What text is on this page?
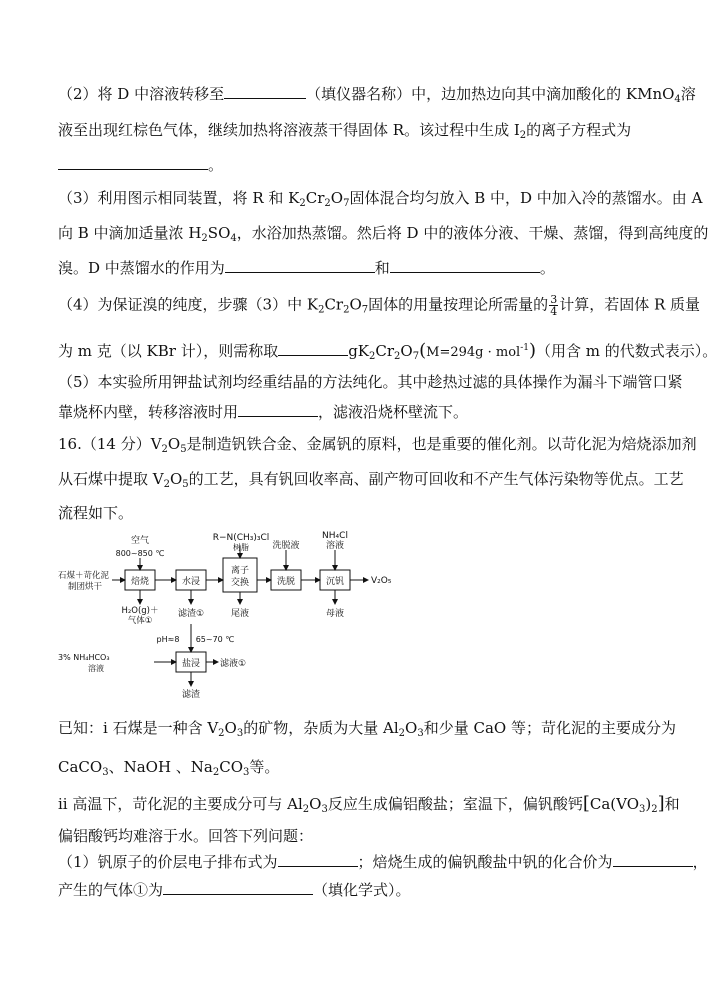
（2）将 D 中溶液转移至	（填仪器名称）中，边加热边向其中滴加酸化的 KMnO$_4$溶
液至出现红棕色气体，继续加热将溶液蒸干得固体 R。该过程中生成 $I_2$的离子方程式为
。
（3）利用图示相同装置，将 R 和 $K_2Cr_2O_7$固体混合均匀放入 B 中，D 中加入冷的蒸馏水。由 A
向 B 中滴加适量浓 $H_2SO_4$，水浴加热蒸馏。然后将 D 中的液体分液、干燥、蒸馏，得到高纯度的
溴。D 中蒸馏水的作用为	和	。
（4）为保证溴的纯度，步骤（3）中 $K_2Cr_2O_7$固体的用量按理论所需量的 $\frac{3}{4}$ 计算，若固体 R 质量
为 m 克（以 KBr 计），则需称取	$gK_2Cr_2O_7(M=294g \cdot mol^{-1})$（用含 m 的代数式表示）。
（5）本实验所用钾盐试剂均经重结晶的方法纯化。其中趁热过滤的具体操作为漏斗下端管口紧
靠烧杯内壁，转移溶液时用	，滤液沿烧杯壁流下。
16.（14 分）$V_2O_5$是制造钒铁合金、金属钒的原料，也是重要的催化剂。以苛化泥为焙烧添加剂
从石煤中提取 $V_2O_5$的工艺，具有钒回收率高、副产物可回收和不产生气体污染物等优点。工艺
流程如下。
R−N(CH₃)₃Cl
树脂	洗脱液
NH₄Cl
溶液
空气
800~850 ℃
石煤＋苛化泥
制团烘干	焙烧	水浸
离子
交换	洗脱	沉钒	V₂O₅
H₂O(g)＋
气体①
滤渣①	尾液	母液
pH≈8 65~70 ℃
3% NH₄HCO₃
溶液	盐浸 滤液①
滤渣
已知：i 石煤是一种含 $V_2O_3$的矿物，杂质为大量 $Al_2O_3$和少量 CaO 等；苛化泥的主要成分为
CaCO$_3$、NaOH 、$Na_2CO_3$等。
ii 高温下，苛化泥的主要成分可与 $Al_2O_3$反应生成偏铝酸盐；室温下，偏钒酸钙$[Ca(VO_3)_2]$和
偏铝酸钙均难溶于水。回答下列问题：
（1）钒原子的价层电子排布式为	；焙烧生成的偏钒酸盐中钒的化合价为	，
产生的气体①为	（填化学式）。
